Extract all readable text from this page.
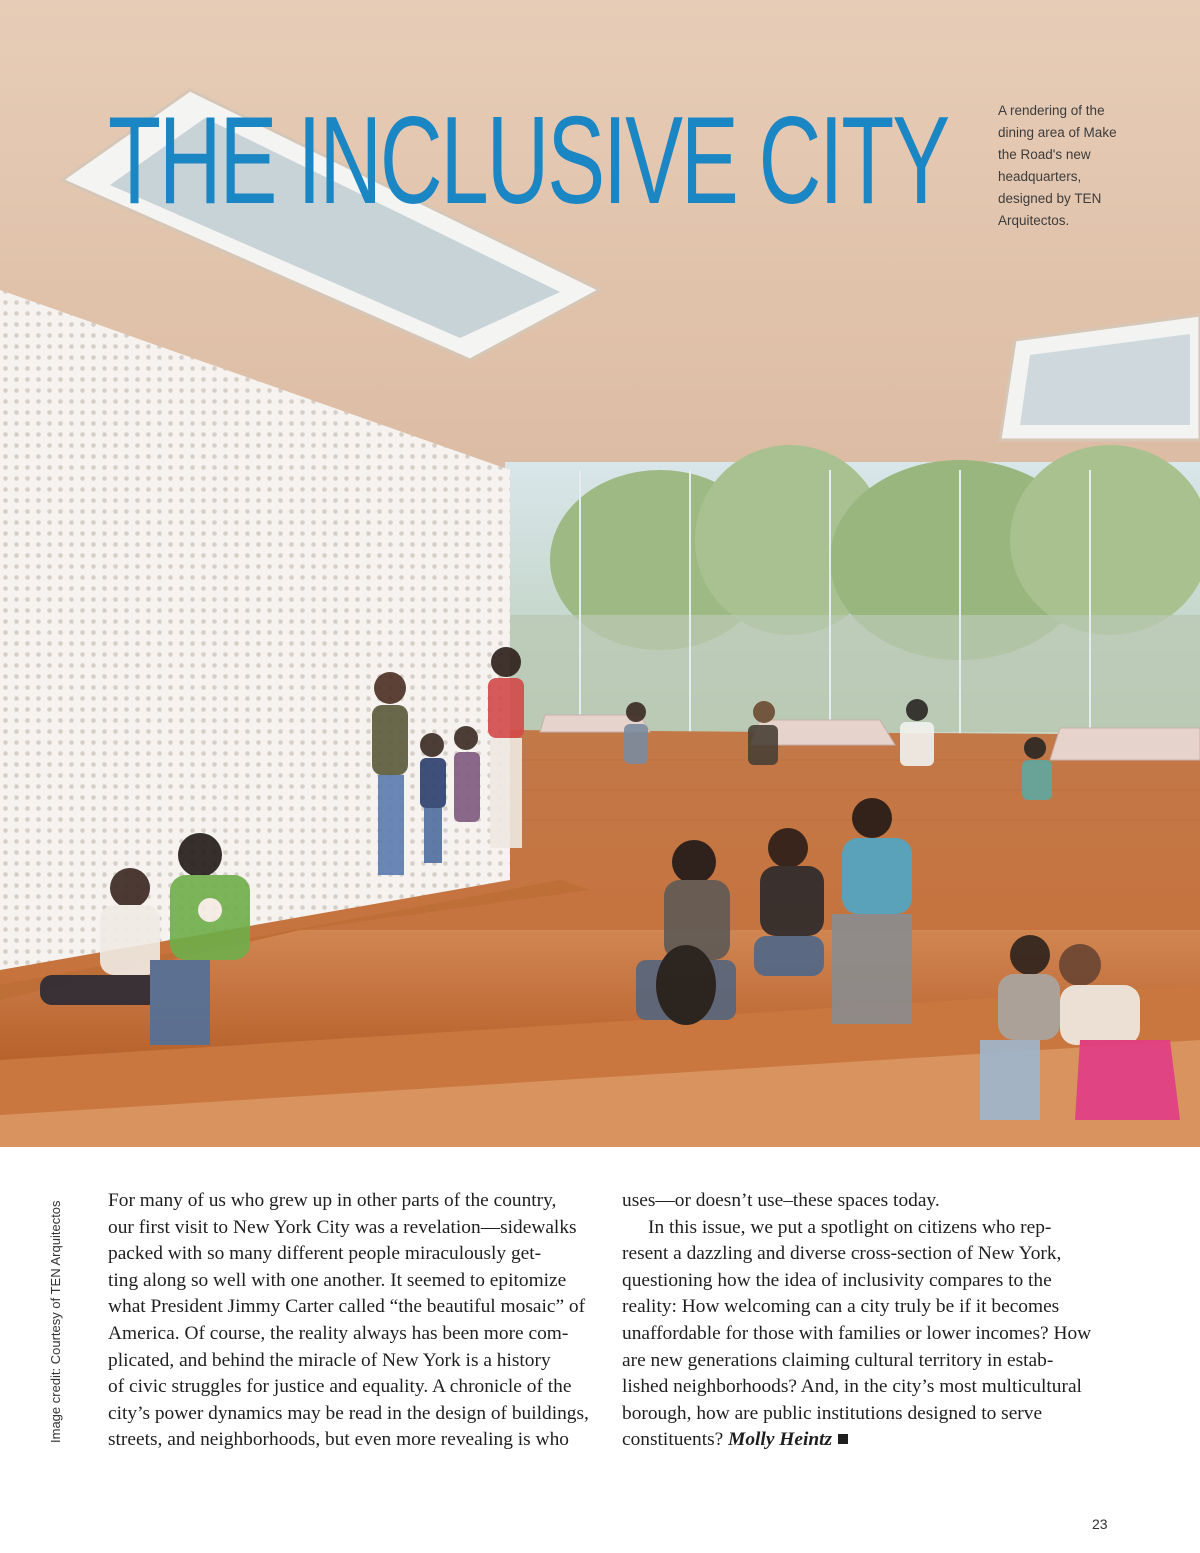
THE INCLUSIVE CITY	A rendering of the dining area of Make the Road's new headquarters, designed by TEN Arquitectos.
Image credit: Courtesy of TEN Arquitectos For many of us who grew up in other parts of the country,
our first visit to New York City was a revelation—sidewalks
packed with so many different people miraculously get-
ting along so well with one another. It seemed to epitomize
what President Jimmy Carter called “the beautiful mosaic” of
America. Of course, the reality always has been more com-
plicated, and behind the miracle of New York is a history
of civic struggles for justice and equality. A chronicle of the
city’s power dynamics may be read in the design of buildings,
streets, and neighborhoods, but even more revealing is who

uses—or doesn’t use–these spaces today.

In this issue, we put a spotlight on citizens who rep-
resent a dazzling and diverse cross-section of New York,
questioning how the idea of inclusivity compares to the
reality: How welcoming can a city truly be if it becomes
unaffordable for those with families or lower incomes? How
are new generations claiming cultural territory in estab-
lished neighborhoods? And, in the city’s most multicultural
borough, how are public institutions designed to serve
constituents? Molly Heintz

23
